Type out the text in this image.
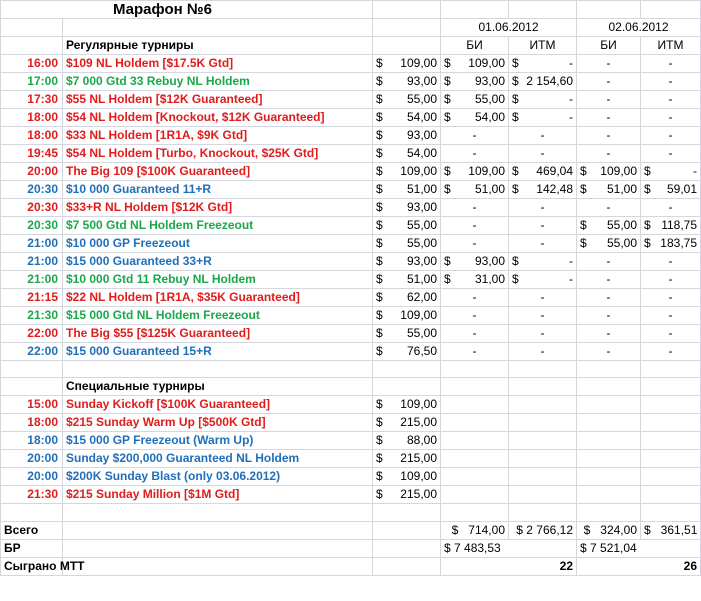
Марафон №6						
			01.06.2012		02.06.2012	
	Регулярные турниры		БИ	ИТМ	БИ	ИТМ
16:00	$109 NL Holdem [$17.5K Gtd]	$ 109,00	$ 109,00	$ -	-	-
17:00	$7 000 Gtd 33 Rebuy NL Holdem	$ 93,00	$ 93,00	$ 2 154,60	-	-
17:30	$55 NL Holdem [$12K Guaranteed]	$ 55,00	$ 55,00	$ -	-	-
18:00	$54 NL Holdem [Knockout, $12K Guaranteed]	$ 54,00	$ 54,00	$ -	-	-
18:00	$33 NL Holdem [1R1A, $9K Gtd]	$ 93,00	-	-	-	-
19:45	$54 NL Holdem [Turbo, Knockout, $25K Gtd]	$ 54,00	-	-	-	-
20:00	The Big 109 [$100K Guaranteed]	$ 109,00	$ 109,00	$ 469,04	$ 109,00	$ -

20:30	$10 000 Guaranteed 11+R	$ 51,00	$ 51,00	$ 142,48	$ 51,00	$ 59,01

20:30	$33+R NL Holdem [$12K Gtd]	$ 93,00	-	-	-	-
20:30	$7 500 Gtd NL Holdem Freezeout	$ 55,00	-	-	$ 55,00	$ 118,75

21:00	$10 000 GP Freezeout	$ 55,00	-	-	$ 55,00	$ 183,75

21:00	$15 000 Guaranteed 33+R	$ 93,00	$ 93,00	$ -	-	-
21:00	$10 000 Gtd 11 Rebuy NL Holdem	$ 51,00	$ 31,00	$ -	-	-
21:15	$22 NL Holdem [1R1A, $35K Guaranteed]	$ 62,00	-	-	-	-
21:30	$15 000 Gtd NL Holdem Freezeout	$ 109,00	-	-	-	-
22:00	The Big $55 [$125K Guaranteed]	$ 55,00	-	-	-	-
22:00	$15 000 Guaranteed 15+R	$ 76,50	-	-	-	-

	Специальные турниры					
15:00	Sunday Kickoff [$100K Guaranteed]	$ 109,00				

18:00	$215 Sunday Warm Up [$500K Gtd]	$ 215,00				

18:00	$15 000 GP Freezeout (Warm Up)	$ 88,00				

20:00	Sunday $200,000 Guaranteed NL Holdem	$ 215,00				

20:00	$200K Sunday Blast (only 03.06.2012)	$ 109,00				

21:30	$215 Sunday Million [$1M Gtd]	$ 215,00				

Всего			$   714,00	$ 2 766,12	$   324,00	$   361,51
БР			$ 7 483,53		$ 7 521,04	
Сыграно МТТ			22		26	
